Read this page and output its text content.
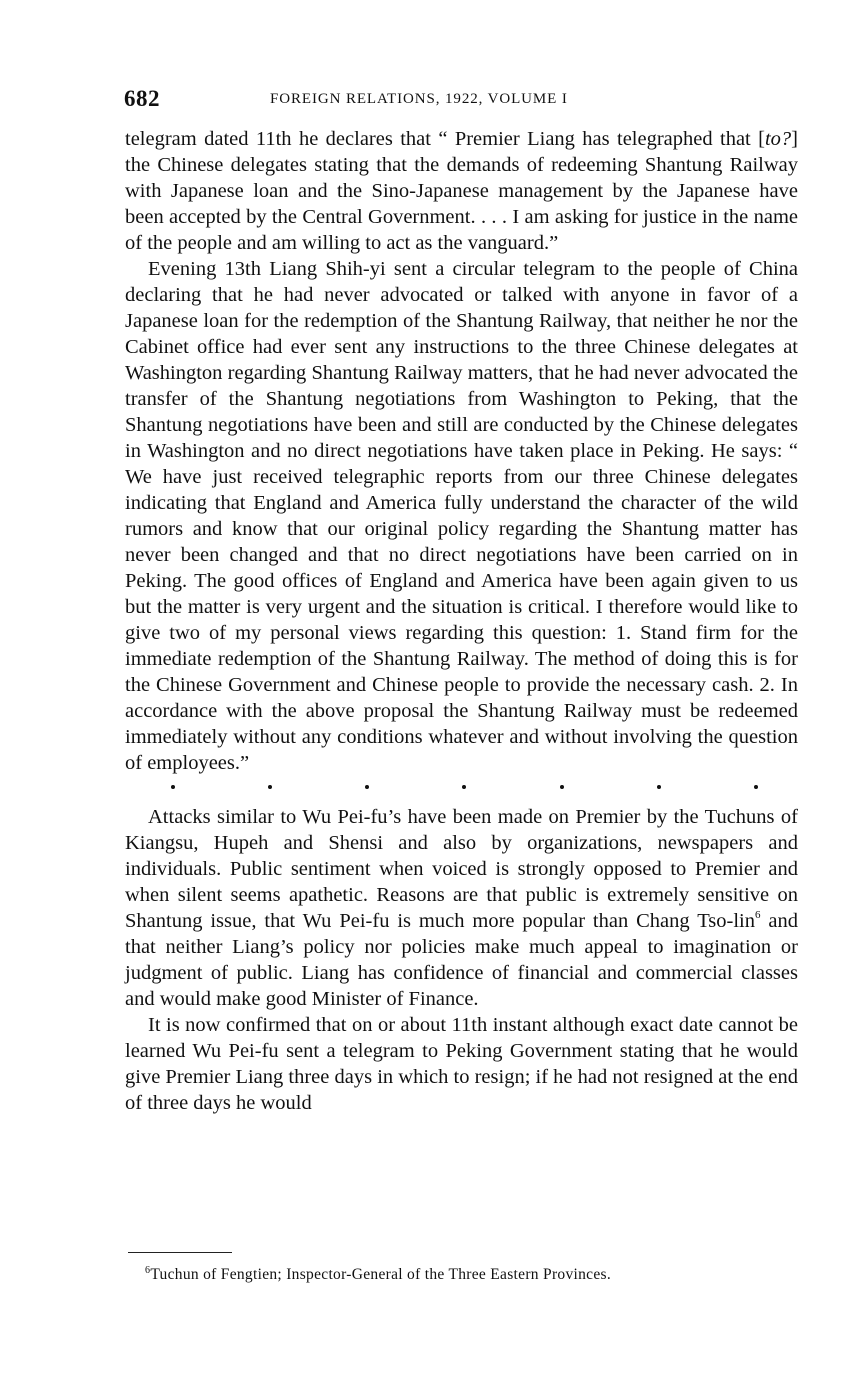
682	FOREIGN RELATIONS, 1922, VOLUME I

telegram dated 11th he declares that “ Premier Liang has telegraphed that [to?] the Chinese delegates stating that the demands of redeeming Shantung Railway with Japanese loan and the Sino-Japanese management by the Japanese have been accepted by the Central Government. . . . I am asking for justice in the name of the people and am willing to act as the vanguard.”

Evening 13th Liang Shih-yi sent a circular telegram to the people of China declaring that he had never advocated or talked with anyone in favor of a Japanese loan for the redemption of the Shantung Railway, that neither he nor the Cabinet office had ever sent any instructions to the three Chinese delegates at Washington regarding Shantung Railway matters, that he had never advocated the transfer of the Shantung negotiations from Washington to Peking, that the Shantung negotiations have been and still are conducted by the Chinese delegates in Washington and no direct negotiations have taken place in Peking. He says: “ We have just received telegraphic reports from our three Chinese delegates indicating that England and America fully understand the character of the wild rumors and know that our original policy regarding the Shantung matter has never been changed and that no direct negotiations have been carried on in Peking. The good offices of England and America have been again given to us but the matter is very urgent and the situation is critical. I therefore would like to give two of my personal views regarding this question: 1. Stand firm for the immediate redemption of the Shantung Railway. The method of doing this is for the Chinese Government and Chinese people to provide the necessary cash. 2. In accordance with the above proposal the Shantung Railway must be redeemed immediately without any conditions whatever and without involving the question of employees.”

Attacks similar to Wu Pei-fu’s have been made on Premier by the Tuchuns of Kiangsu, Hupeh and Shensi and also by organizations, newspapers and individuals. Public sentiment when voiced is strongly opposed to Premier and when silent seems apathetic. Reasons are that public is extremely sensitive on Shantung issue, that Wu Pei-fu is much more popular than Chang Tso-lin$^6$ and that neither Liang’s policy nor policies make much appeal to imagination or judgment of public. Liang has confidence of financial and commercial classes and would make good Minister of Finance.

It is now confirmed that on or about 11th instant although exact date cannot be learned Wu Pei-fu sent a telegram to Peking Government stating that he would give Premier Liang three days in which to resign; if he had not resigned at the end of three days he would

$^6$Tuchun of Fengtien; Inspector-General of the Three Eastern Provinces.
